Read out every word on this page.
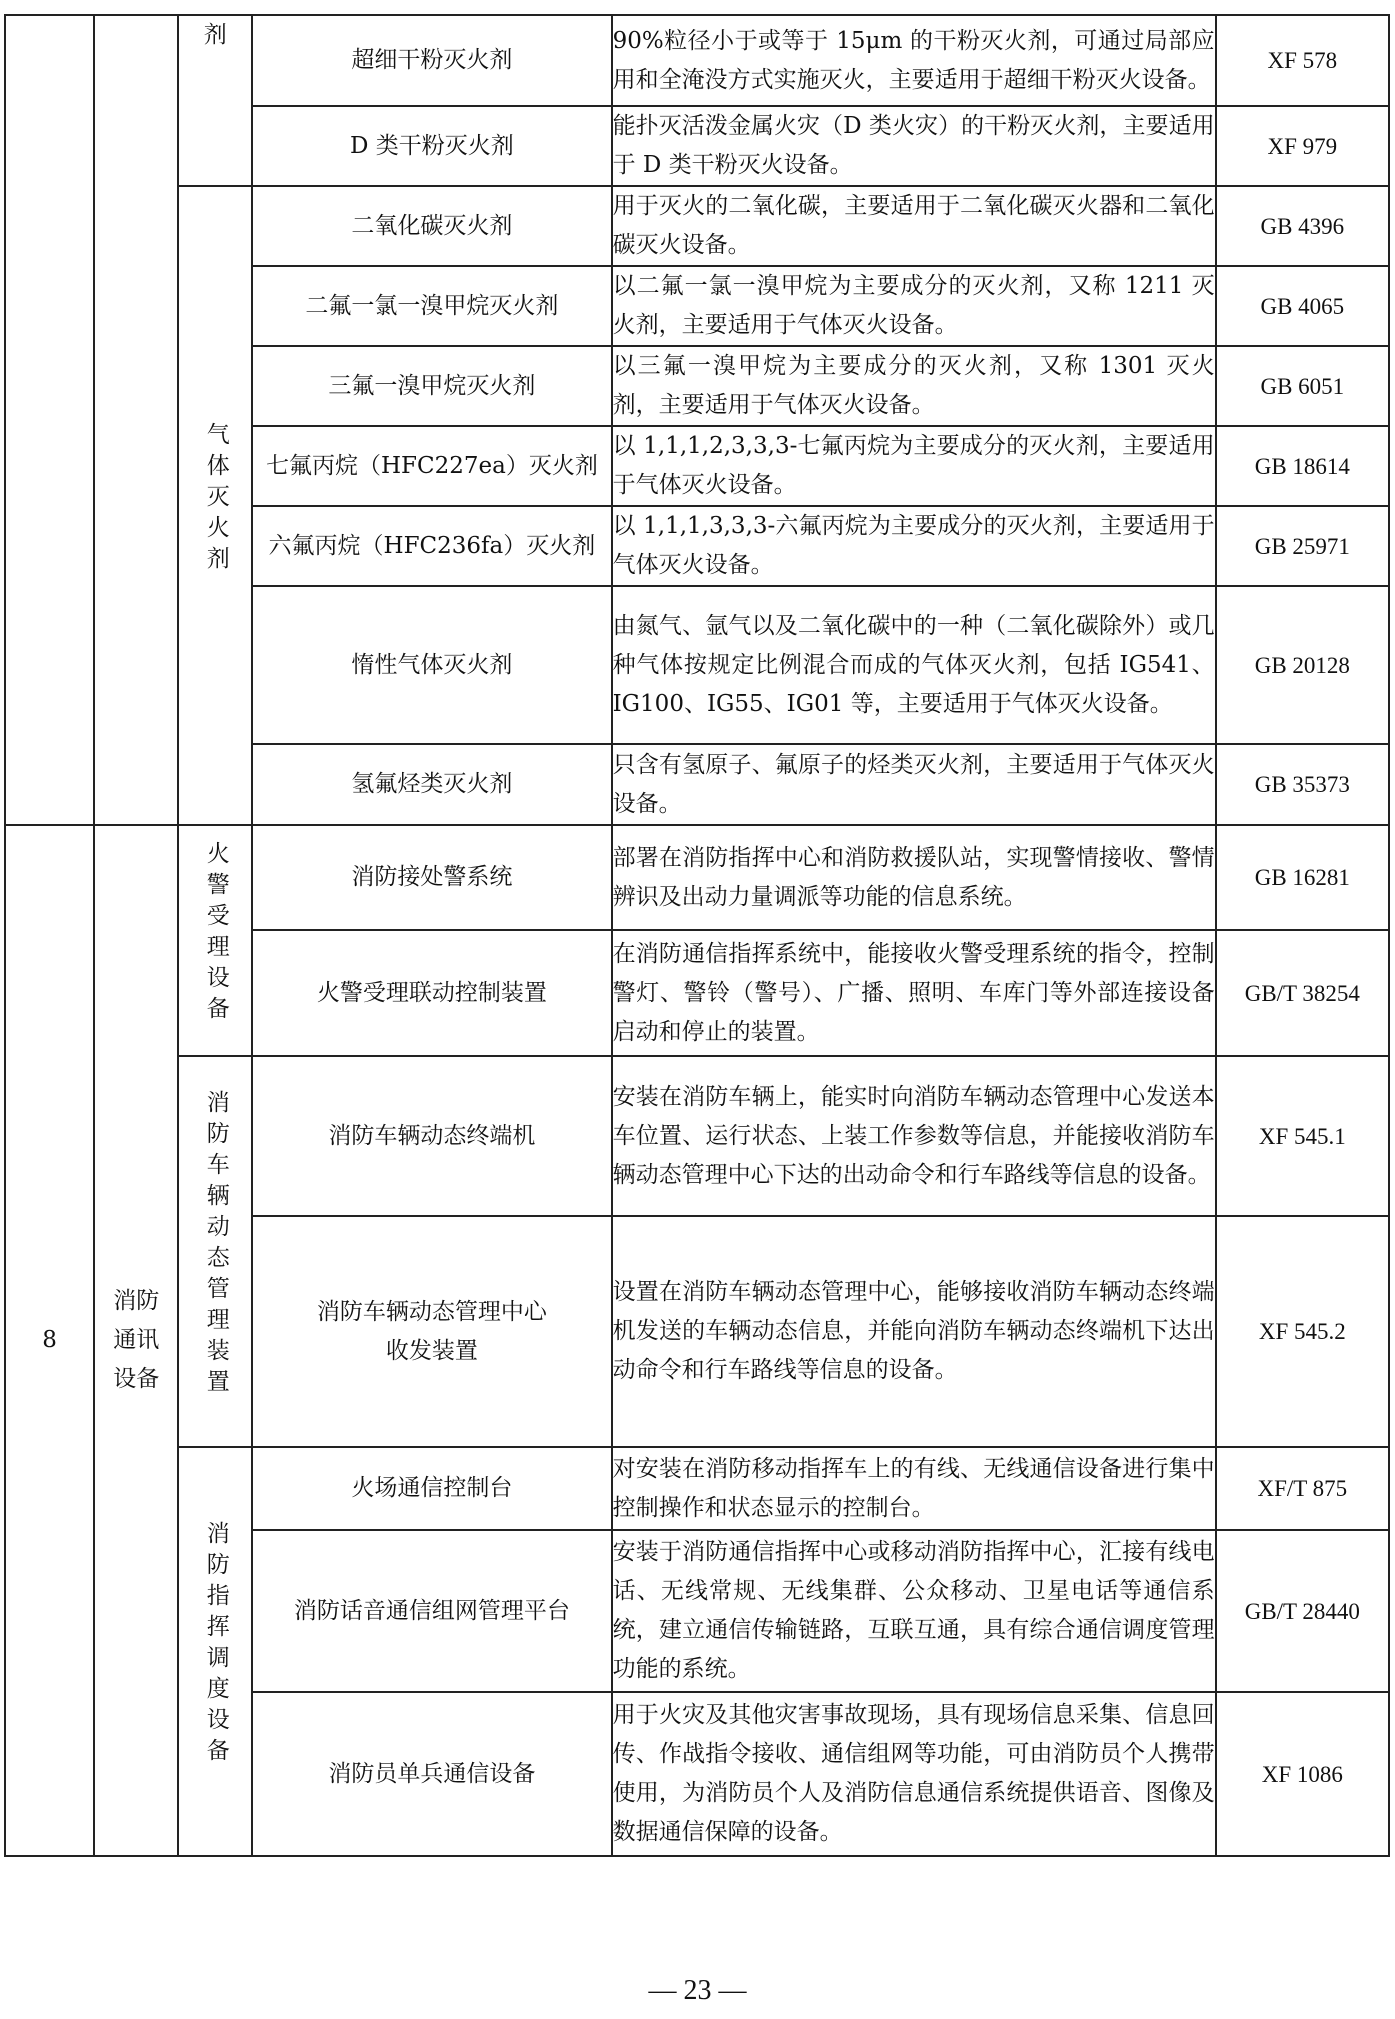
		剂	超细干粉灭火剂	90%粒径小于或等于 15μm 的干粉灭火剂，可通过局部应用和全淹没方式实施灭火，主要适用于超细干粉灭火设备。	XF 578
			D 类干粉灭火剂	能扑灭活泼金属火灾（D 类火灾）的干粉灭火剂，主要适用于 D 类干粉灭火设备。	XF 979
		气体灭火剂	二氧化碳灭火剂	用于灭火的二氧化碳，主要适用于二氧化碳灭火器和二氧化碳灭火设备。	GB 4396
			二氟一氯一溴甲烷灭火剂	以二氟一氯一溴甲烷为主要成分的灭火剂，又称 1211 灭火剂，主要适用于气体灭火设备。	GB 4065
			三氟一溴甲烷灭火剂	以三氟一溴甲烷为主要成分的灭火剂，又称 1301 灭火剂，主要适用于气体灭火设备。	GB 6051
			七氟丙烷（HFC227ea）灭火剂	以 1,1,1,2,3,3,3-七氟丙烷为主要成分的灭火剂，主要适用于气体灭火设备。	GB 18614
			六氟丙烷（HFC236fa）灭火剂	以 1,1,1,3,3,3-六氟丙烷为主要成分的灭火剂，主要适用于气体灭火设备。	GB 25971
			惰性气体灭火剂	由氮气、氩气以及二氧化碳中的一种（二氧化碳除外）或几种气体按规定比例混合而成的气体灭火剂，包括 IG541、IG100、IG55、IG01 等，主要适用于气体灭火设备。	GB 20128
			氢氟烃类灭火剂	只含有氢原子、氟原子的烃类灭火剂，主要适用于气体灭火设备。	GB 35373
8	消防通讯设备	火警受理设备	消防接处警系统	部署在消防指挥中心和消防救援队站，实现警情接收、警情辨识及出动力量调派等功能的信息系统。	GB 16281
			火警受理联动控制装置	在消防通信指挥系统中，能接收火警受理系统的指令，控制警灯、警铃（警号）、广播、照明、车库门等外部连接设备启动和停止的装置。	GB/T 38254
		消防车辆动态管理装置	消防车辆动态终端机	安装在消防车辆上，能实时向消防车辆动态管理中心发送本车位置、运行状态、上装工作参数等信息，并能接收消防车辆动态管理中心下达的出动命令和行车路线等信息的设备。	XF 545.1
			消防车辆动态管理中心收发装置	设置在消防车辆动态管理中心，能够接收消防车辆动态终端机发送的车辆动态信息，并能向消防车辆动态终端机下达出动命令和行车路线等信息的设备。	XF 545.2
		消防指挥调度设备	火场通信控制台	对安装在消防移动指挥车上的有线、无线通信设备进行集中控制操作和状态显示的控制台。	XF/T 875
			消防话音通信组网管理平台	安装于消防通信指挥中心或移动消防指挥中心，汇接有线电话、无线常规、无线集群、公众移动、卫星电话等通信系统，建立通信传输链路，互联互通，具有综合通信调度管理功能的系统。	GB/T 28440
			消防员单兵通信设备	用于火灾及其他灾害事故现场，具有现场信息采集、信息回传、作战指令接收、通信组网等功能，可由消防员个人携带使用，为消防员个人及消防信息通信系统提供语音、图像及数据通信保障的设备。	XF 1086
— 23 —
